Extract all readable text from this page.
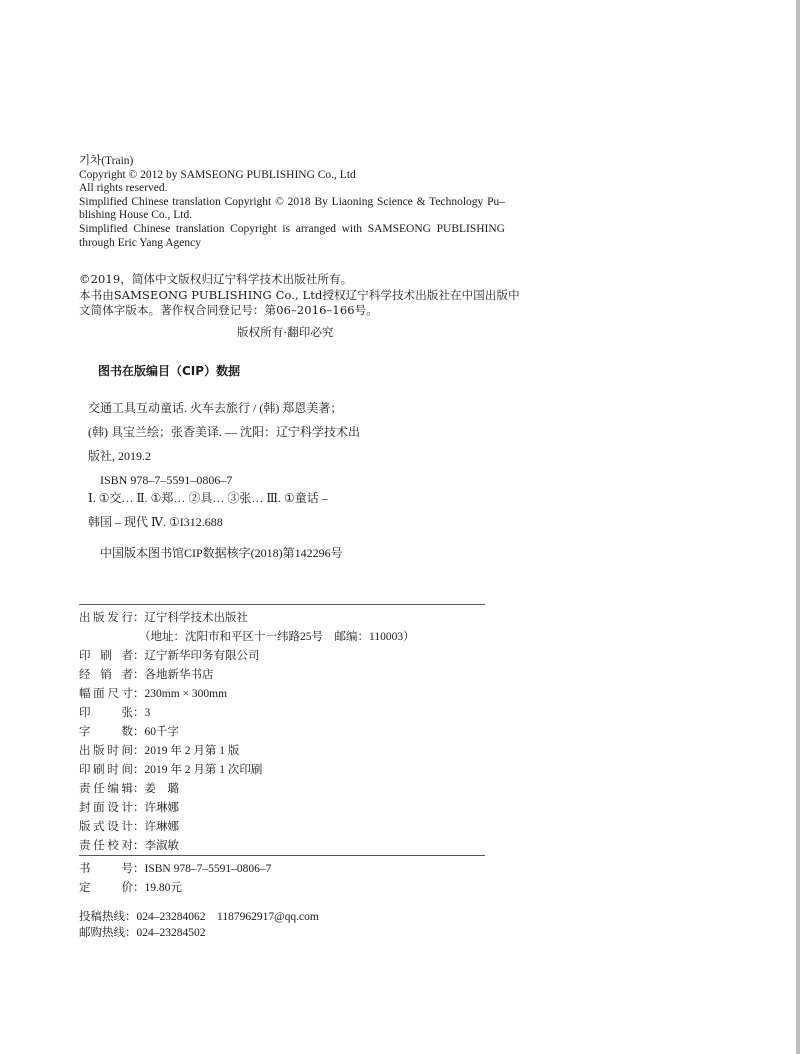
기차(Train)
Copyright © 2012 by SAMSEONG PUBLISHING Co., Ltd
All rights reserved.
Simplified Chinese translation Copyright © 2018 By Liaoning Science & Technology Pu–
blishing House Co., Ltd.
Simplified Chinese translation Copyright is arranged with SAMSEONG PUBLISHING
through Eric Yang Agency
©2019，简体中文版权归辽宁科学技术出版社所有。
本书由SAMSEONG PUBLISHING Co., Ltd授权辽宁科学技术出版社在中国出版中
文简体字版本。著作权合同登记号：第06–2016–166号。
版权所有·翻印必究
图书在版编目（CIP）数据
交通工具互动童话. 火车去旅行 / (韩) 郑恩美著；
(韩) 具宝兰绘；张香美译. –– 沈阳：辽宁科学技术出
版社, 2019.2
ISBN 978–7–5591–0806–7
Ⅰ. ①交… Ⅱ. ①郑… ②具… ③张… Ⅲ. ①童话 –
韩国 – 现代 Ⅳ. ①I312.688
中国版本图书馆CIP数据核字(2018)第142296号
出版发行：辽宁科学技术出版社
（地址：沈阳市和平区十一纬路25号　邮编：110003）
印 刷 者：辽宁新华印务有限公司
经 销 者：各地新华书店
幅面尺寸：230mm × 300mm
印　　张：3
字　　数：60千字
出版时间：2019 年 2 月第 1 版
印刷时间：2019 年 2 月第 1 次印刷
责任编辑：姜　璐
封面设计：许琳娜
版式设计：许琳娜
责任校对：李淑敏
书　　号：ISBN 978–7–5591–0806–7
定　　价：19.80元
投稿热线：024–23284062　1187962917@qq.com
邮购热线：024–23284502
